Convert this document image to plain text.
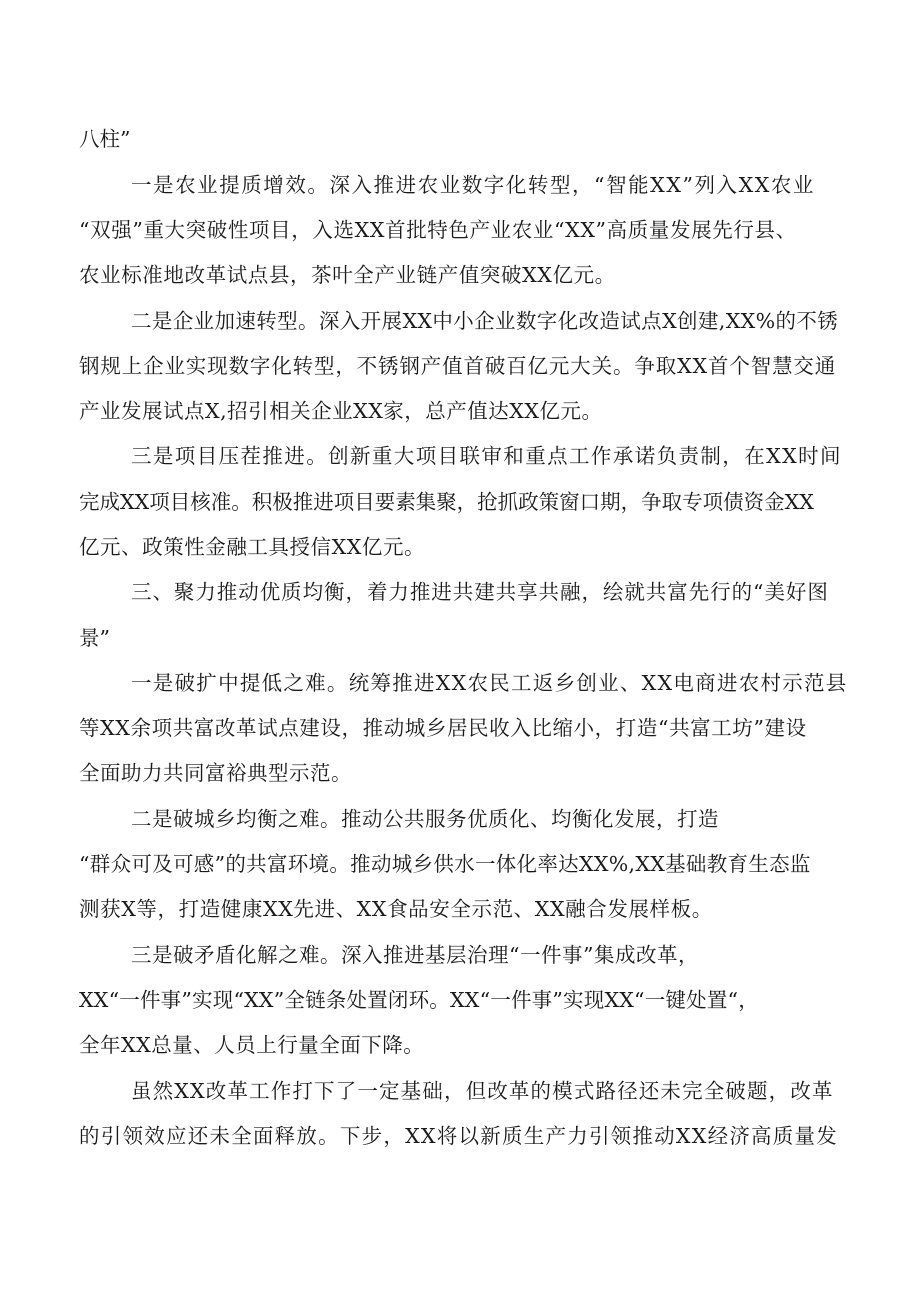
八柱”

一是农业提质增效。深入推进农业数字化转型，“智能XX”列入XX农业

“双强”重大突破性项目，入选XX首批特色产业农业“XX”高质量发展先行县、

农业标准地改革试点县，茶叶全产业链产值突破XX亿元。

二是企业加速转型。深入开展XX中小企业数字化改造试点X创建,XX%的不锈

钢规上企业实现数字化转型，不锈钢产值首破百亿元大关。争取XX首个智慧交通

产业发展试点X,招引相关企业XX家，总产值达XX亿元。

三是项目压茬推进。创新重大项目联审和重点工作承诺负责制，在XX时间

完成XX项目核准。积极推进项目要素集聚，抢抓政策窗口期，争取专项债资金XX

亿元、政策性金融工具授信XX亿元。

三、聚力推动优质均衡，着力推进共建共享共融，绘就共富先行的“美好图

景”

一是破扩中提低之难。统筹推进XX农民工返乡创业、XX电商进农村示范县

等XX余项共富改革试点建设，推动城乡居民收入比缩小，打造“共富工坊”建设

全面助力共同富裕典型示范。

二是破城乡均衡之难。推动公共服务优质化、均衡化发展，打造

“群众可及可感”的共富环境。推动城乡供水一体化率达XX%,XX基础教育生态监

测获X等，打造健康XX先进、XX食品安全示范、XX融合发展样板。

三是破矛盾化解之难。深入推进基层治理“一件事”集成改革，

XX“一件事”实现“XX”全链条处置闭环。XX“一件事”实现XX“一键处置“，

全年XX总量、人员上行量全面下降。

虽然XX改革工作打下了一定基础，但改革的模式路径还未完全破题，改革

的引领效应还未全面释放。下步，XX将以新质生产力引领推动XX经济高质量发
